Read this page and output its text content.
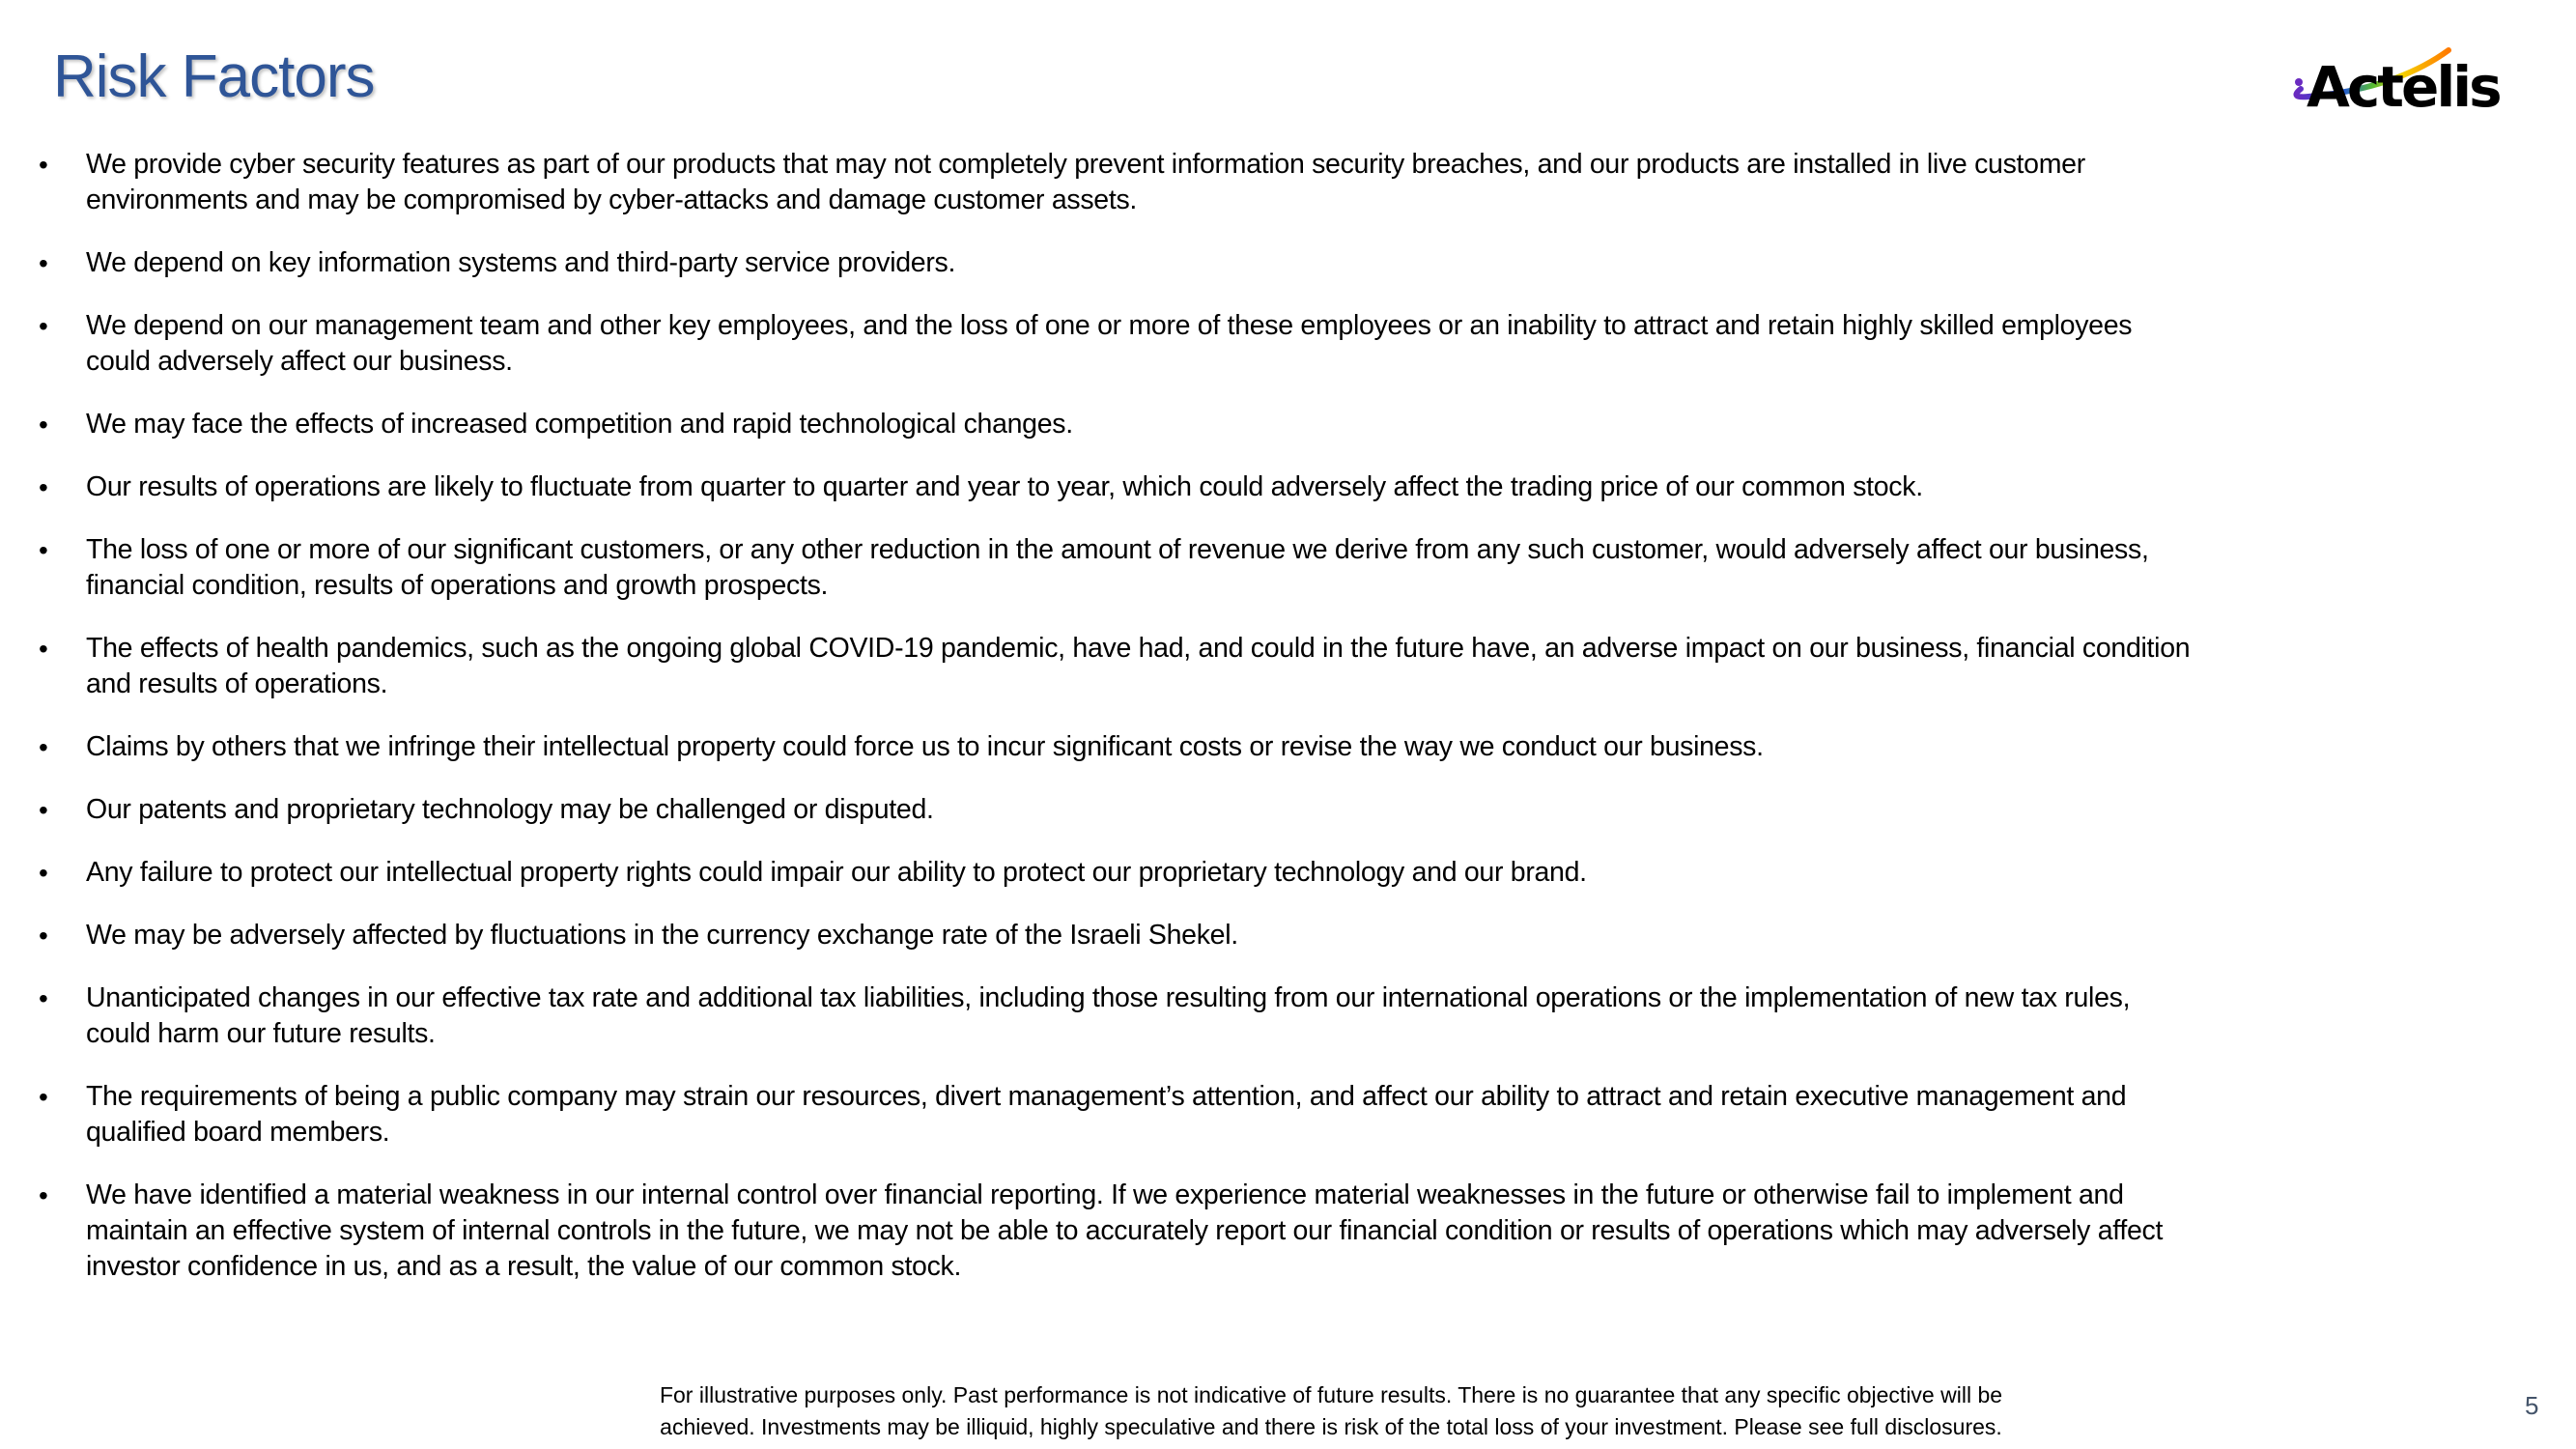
Risk Factors	Actelis
• We provide cyber security features as part of our products that may not completely prevent information security breaches, and our products are installed in live customer
environments and may be compromised by cyber-attacks and damage customer assets.
• We depend on key information systems and third-party service providers.
• We depend on our management team and other key employees, and the loss of one or more of these employees or an inability to attract and retain highly skilled employees
could adversely affect our business.
• We may face the effects of increased competition and rapid technological changes.
• Our results of operations are likely to fluctuate from quarter to quarter and year to year, which could adversely affect the trading price of our common stock.
• The loss of one or more of our significant customers, or any other reduction in the amount of revenue we derive from any such customer, would adversely affect our business,
financial condition, results of operations and growth prospects.
• The effects of health pandemics, such as the ongoing global COVID-19 pandemic, have had, and could in the future have, an adverse impact on our business, financial condition
and results of operations.
• Claims by others that we infringe their intellectual property could force us to incur significant costs or revise the way we conduct our business.
• Our patents and proprietary technology may be challenged or disputed.
• Any failure to protect our intellectual property rights could impair our ability to protect our proprietary technology and our brand.
• We may be adversely affected by fluctuations in the currency exchange rate of the Israeli Shekel.
• Unanticipated changes in our effective tax rate and additional tax liabilities, including those resulting from our international operations or the implementation of new tax rules,
could harm our future results.
• The requirements of being a public company may strain our resources, divert management’s attention, and affect our ability to attract and retain executive management and
qualified board members.
• We have identified a material weakness in our internal control over financial reporting. If we experience material weaknesses in the future or otherwise fail to implement and
maintain an effective system of internal controls in the future, we may not be able to accurately report our financial condition or results of operations which may adversely affect
investor confidence in us, and as a result, the value of our common stock.
For illustrative purposes only. Past performance is not indicative of future results. There is no guarantee that any specific objective will be
achieved. Investments may be illiquid, highly speculative and there is risk of the total loss of your investment. Please see full disclosures.
5
